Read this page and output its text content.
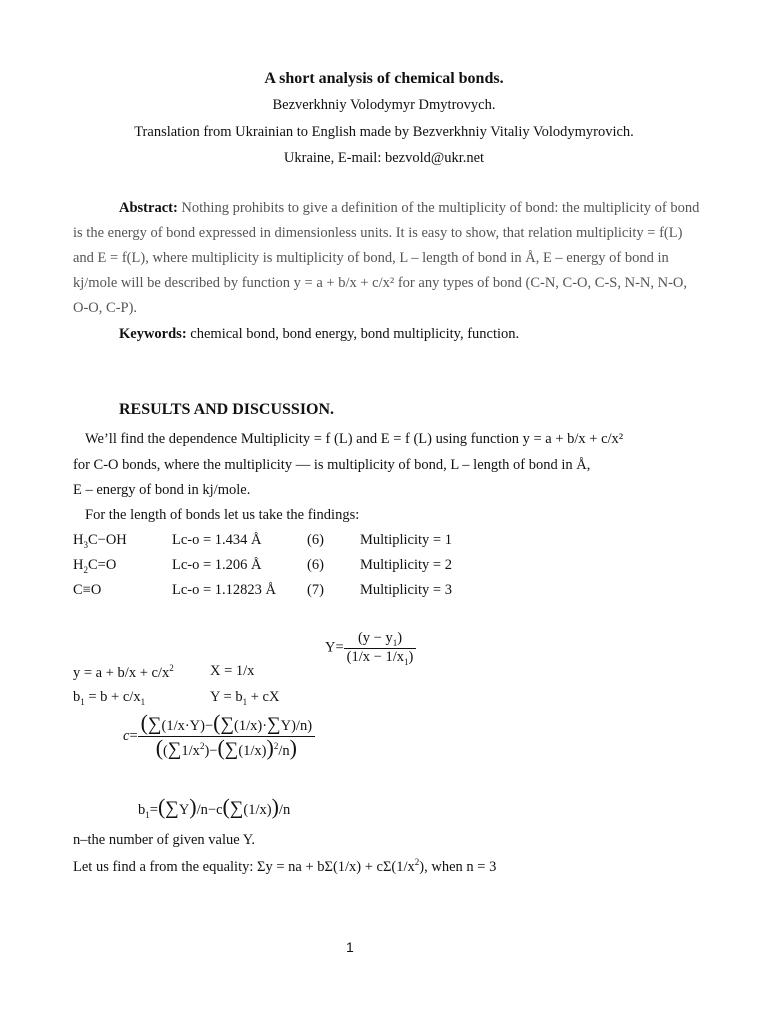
A short analysis of chemical bonds.
Bezverkhniy Volodymyr Dmytrovych.
Translation from Ukrainian to English made by Bezverkhniy Vitaliy Volodymyrovich.
Ukraine, E-mail: bezvold@ukr.net
Abstract: Nothing prohibits to give a definition of the multiplicity of bond: the multiplicity of bond is the energy of bond expressed in dimensionless units. It is easy to show, that relation multiplicity = f(L) and E = f(L), where multiplicity is multiplicity of bond, L – length of bond in Å, E – energy of bond in kj/mole will be described by function y = a + b/x + c/x² for any types of bond (C-N, C-O, C-S, N-N, N-O, O-O, C-P).
Keywords: chemical bond, bond energy, bond multiplicity, function.
RESULTS AND DISCUSSION.
We’ll find the dependence Multiplicity = f (L) and E = f (L) using function y = a + b/x + c/x²
for C-O bonds, where the multiplicity — is multiplicity of bond, L – length of bond in Å,
E – energy of bond in kj/mole.
For the length of bonds let us take the findings:
$H_3C-OH$	Lc-o = 1.434 Å	(6) Multiplicity = 1
$H_2C=O$	Lc-o = 1.206 Å	(6) Multiplicity = 2
C≡O	Lc-o = 1.12823 Å (7) Multiplicity = 3
$Y= \frac{(y - y_1)}{(1/x - 1/x_1)}$
$y = a + b/x + c/x^2$	X = 1/x
$b_1 = b + c/x_1$	$Y = b_1$ + cX
$c= \frac{(\sum(1/x\cdot Y)-(\sum(1/x)\cdot\sum Y)/n)}{((\sum 1/x^2)-(\sum(1/x))^2/n)}$
$b_1=(\sum Y)/n-c(\sum(1/x))/n$
n–the number of given value Y.
Let us find a from the equality: Σy = na + $b\Sigma(1/x) + c\Sigma(1/x^2)$, when n = 3
1
